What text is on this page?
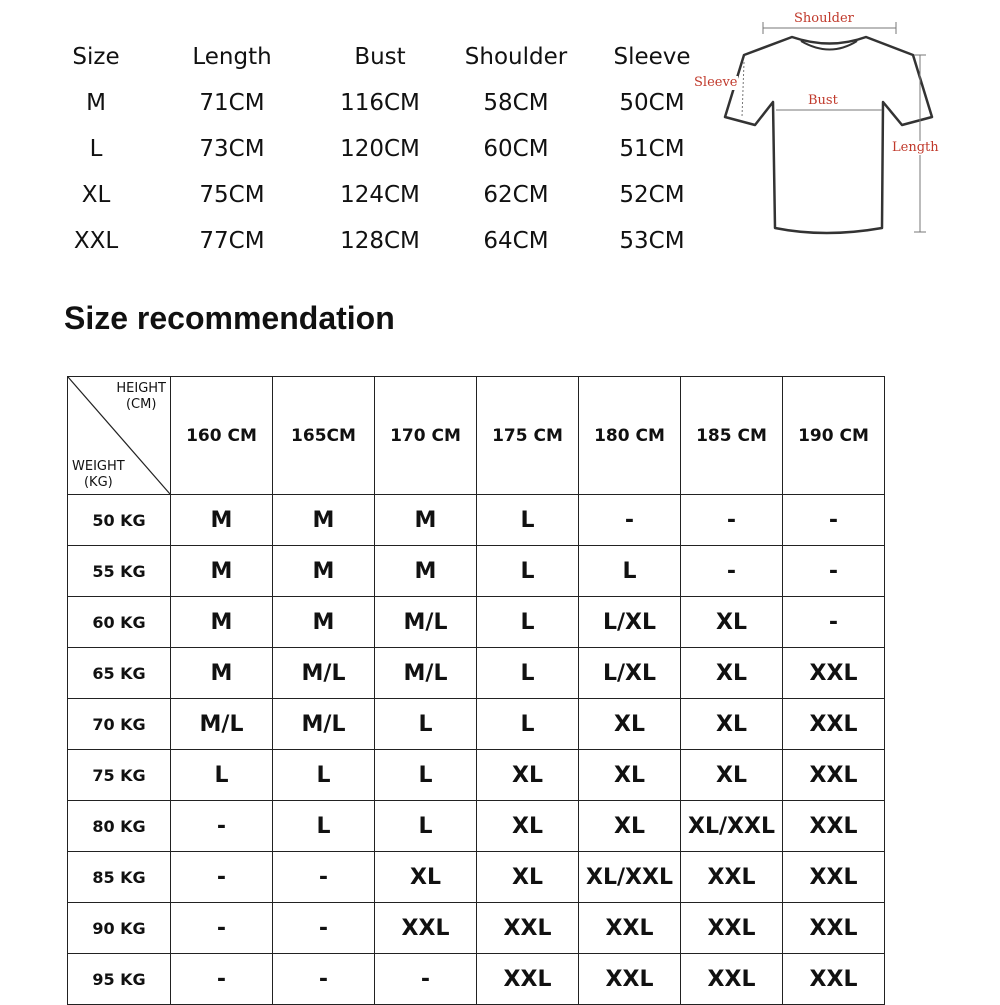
Size	Length	Bust	Shoulder	Sleeve
M	71CM	116CM	58CM	50CM
L	73CM	120CM	60CM	51CM
XL	75CM	124CM	62CM	52CM
XXL	77CM	128CM	64CM	53CM
Shoulder
Sleeve
Bust
Length
Size recommendation
HEIGHT
(CM)
WEIGHT
(KG)	160 CM	165CM	170 CM	175 CM	180 CM	185 CM	190 CM
50 KG	M	M	M	L	-	-	-
55 KG	M	M	M	L	L	-	-
60 KG	M	M	M/L	L	L/XL	XL	-
65 KG	M	M/L	M/L	L	L/XL	XL	XXL
70 KG	M/L	M/L	L	L	XL	XL	XXL
75 KG	L	L	L	XL	XL	XL	XXL
80 KG	-	L	L	XL	XL	XL/XXL	XXL
85 KG	-	-	XL	XL	XL/XXL	XXL	XXL
90 KG	-	-	XXL	XXL	XXL	XXL	XXL
95 KG	-	-	-	XXL	XXL	XXL	XXL
